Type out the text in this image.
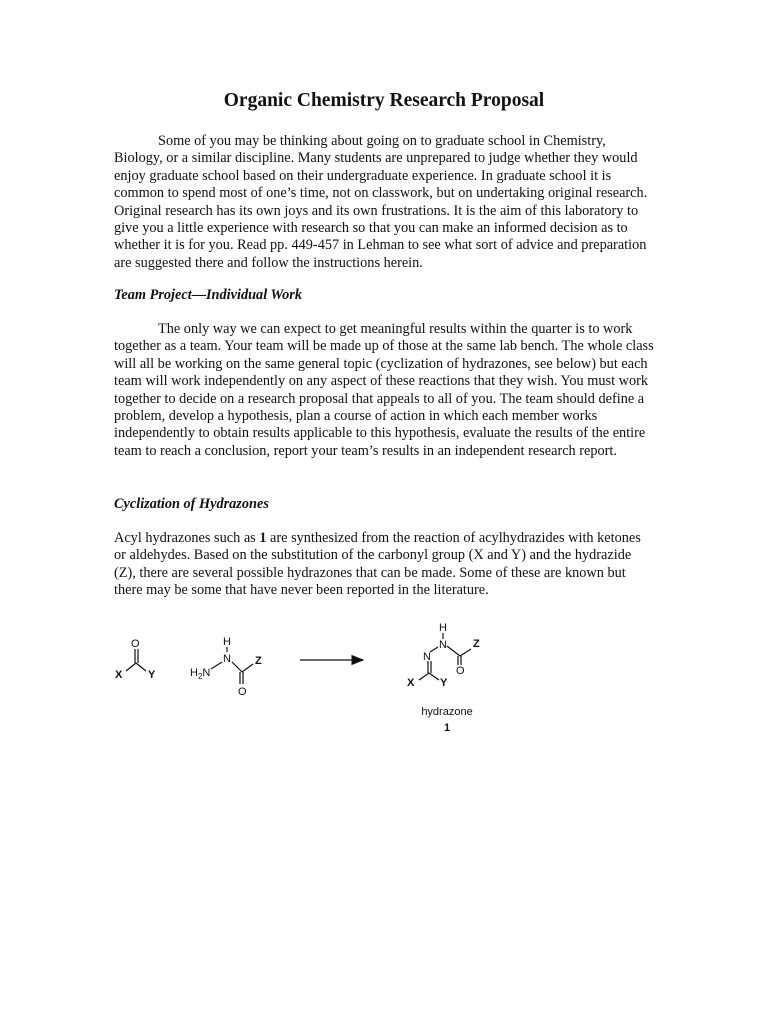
Organic Chemistry Research Proposal

Some of you may be thinking about going on to graduate school in Chemistry, Biology, or a similar discipline. Many students are unprepared to judge whether they would enjoy graduate school based on their undergraduate experience. In graduate school it is common to spend most of one’s time, not on classwork, but on undertaking original research. Original research has its own joys and its own frustrations. It is the aim of this laboratory to give you a little experience with research so that you can make an informed decision as to whether it is for you. Read pp. 449-457 in Lehman to see what sort of advice and preparation are suggested there and follow the instructions herein.

Team Project—Individual Work

The only way we can expect to get meaningful results within the quarter is to work together as a team. Your team will be made up of those at the same lab bench. The whole class will all be working on the same general topic (cyclization of hydrazones, see below) but each team will work independently on any aspect of these reactions that they wish. You must work together to decide on a research proposal that appeals to all of you. The team should define a problem, develop a hypothesis, plan a course of action in which each member works independently to obtain results applicable to this hypothesis, evaluate the results of the entire team to reach a conclusion, report your team’s results in an independent research report.

Cyclization of Hydrazones

Acyl hydrazones such as 1 are synthesized from the reaction of acylhydrazides with ketones or aldehydes. Based on the substitution of the carbonyl group (X and Y) and the hydrazide (Z), there are several possible hydrazones that can be made. Some of these are known but there may be some that have never been reported in the literature.

O
X Y
H
N
$H_2N$
O
Z
H
N
O
Z
N
X Y
hydrazone
1
